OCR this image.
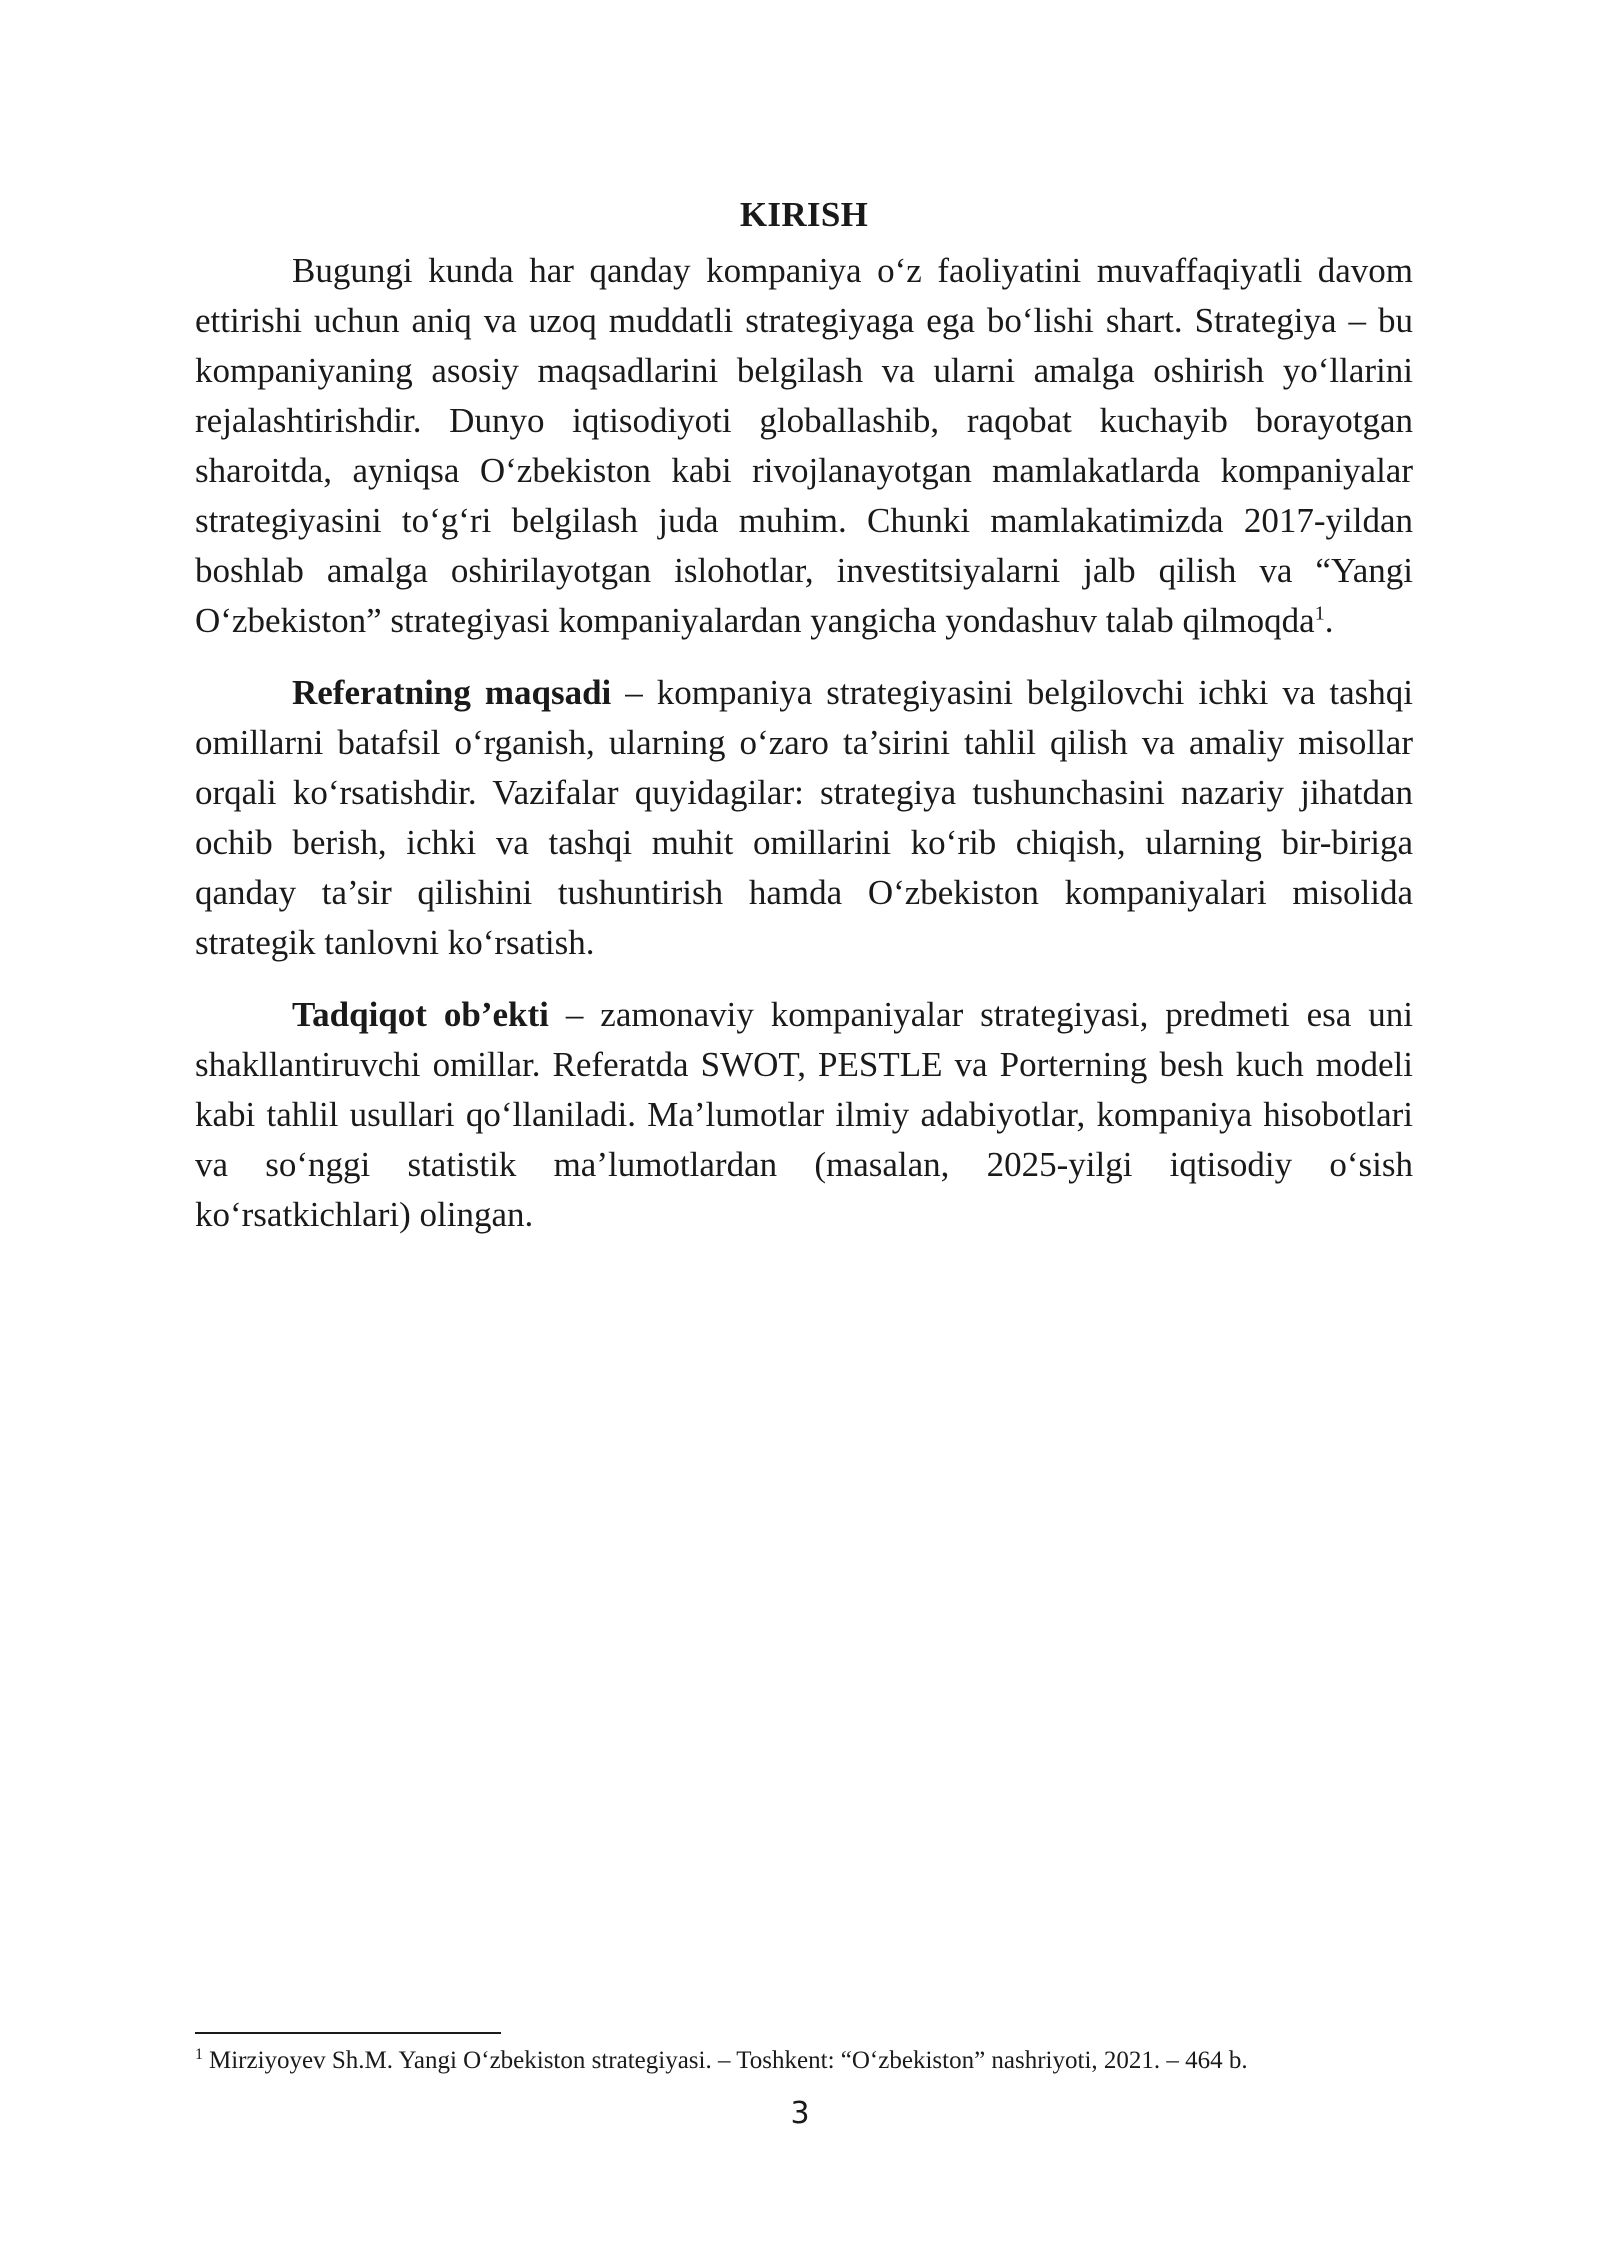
KIRISH

Bugungi kunda har qanday kompaniya o‘z faoliyatini muvaffaqiyatli davom ettirishi uchun aniq va uzoq muddatli strategiyaga ega bo‘lishi shart. Strategiya – bu kompaniyaning asosiy maqsadlarini belgilash va ularni amalga oshirish yo‘llarini rejalashtirishdir. Dunyo iqtisodiyoti globallashib, raqobat kuchayib borayotgan sharoitda, ayniqsa O‘zbekiston kabi rivojlanayotgan mamlakatlarda kompaniyalar strategiyasini to‘g‘ri belgilash juda muhim. Chunki mamlakatimizda 2017-yildan boshlab amalga oshirilayotgan islohotlar, investitsiyalarni jalb qilish va “Yangi O‘zbekiston” strategiyasi kompaniyalardan yangicha yondashuv talab qilmoqda$^1$.

Referatning maqsadi – kompaniya strategiyasini belgilovchi ichki va tashqi omillarni batafsil o‘rganish, ularning o‘zaro ta’sirini tahlil qilish va amaliy misollar orqali ko‘rsatishdir. Vazifalar quyidagilar: strategiya tushunchasini nazariy jihatdan ochib berish, ichki va tashqi muhit omillarini ko‘rib chiqish, ularning bir-biriga qanday ta’sir qilishini tushuntirish hamda O‘zbekiston kompaniyalari misolida strategik tanlovni ko‘rsatish.

Tadqiqot ob’ekti – zamonaviy kompaniyalar strategiyasi, predmeti esa uni shakllantiruvchi omillar. Referatda SWOT, PESTLE va Porterning besh kuch modeli kabi tahlil usullari qo‘llaniladi. Ma’lumotlar ilmiy adabiyotlar, kompaniya hisobotlari va so‘nggi statistik ma’lumotlardan (masalan, 2025-yilgi iqtisodiy o‘sish ko‘rsatkichlari) olingan.

$^1$ Mirziyoyev Sh.M. Yangi O‘zbekiston strategiyasi. – Toshkent: “O‘zbekiston” nashriyoti, 2021. – 464 b.
3
